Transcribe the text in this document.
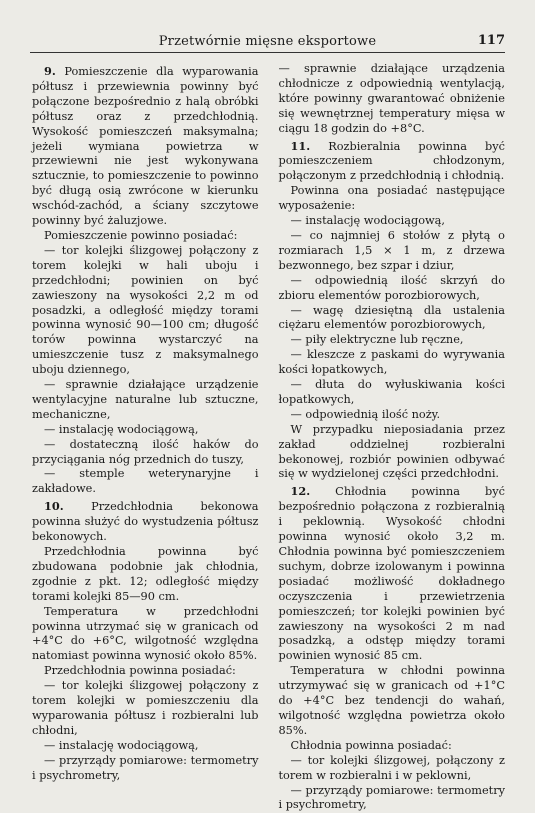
Przetwórnie mięsne eksportowe	117

9. Pomieszczenie dla wyparowania półtusz i przewiewnia powinny być połączone bezpośrednio z halą obróbki półtusz oraz z przedchłodnią. Wysokość pomieszczeń maksymalna; jeżeli wymiana powietrza w przewiewni nie jest wykonywana sztucznie, to pomieszczenie to powinno być długą osią zwrócone w kierunku wschód-zachód, a ściany szczytowe powinny być żaluzjowe.

Pomieszczenie powinno posiadać:

— tor kolejki ślizgowej połączony z torem kolejki w hali uboju i przedchłodni; powinien on być zawieszony na wysokości 2,2 m od posadzki, a odległość między torami powinna wynosić 90—100 cm; długość torów powinna wystarczyć na umieszczenie tusz z maksymalnego uboju dziennego,

— sprawnie działające urządzenie wentylacyjne naturalne lub sztuczne, mechaniczne,

— instalację wodociągową,

— dostateczną ilość haków do przyciągania nóg przednich do tuszy,

— stemple weterynaryjne i zakładowe.

10. Przedchłodnia bekonowa powinna służyć do wystudzenia półtusz bekonowych.

Przedchłodnia powinna być zbudowana podobnie jak chłodnia, zgodnie z pkt. 12; odległość między torami kolejki 85—90 cm.

Temperatura w przedchłodni powinna utrzymać się w granicach od +4°C do +6°C, wilgotność względna natomiast powinna wynosić około 85%.

Przedchłodnia powinna posiadać:

— tor kolejki ślizgowej połączony z torem kolejki w pomieszczeniu dla wyparowania półtusz i rozbieralni lub chłodni,

— instalację wodociągową,

— przyrządy pomiarowe: termometry i psychrometry,

— sprawnie działające urządzenia chłodnicze z odpowiednią wentylacją, które powinny gwarantować obniżenie się wewnętrznej temperatury mięsa w ciągu 18 godzin do +8°C.

11. Rozbieralnia powinna być pomieszczeniem chłodzonym, połączonym z przedchłodnią i chłodnią.

Powinna ona posiadać następujące wyposażenie:

— instalację wodociągową,

— co najmniej 6 stołów z płytą o rozmiarach 1,5 × 1 m, z drzewa bezwonnego, bez szpar i dziur,

— odpowiednią ilość skrzyń do zbioru elementów porozbiorowych,

— wagę dziesiętną dla ustalenia ciężaru elementów porozbiorowych,

— piły elektryczne lub ręczne,

— kleszcze z paskami do wyrywania kości łopatkowych,

— dłuta do wyłuskiwania kości łopatkowych,

— odpowiednią ilość noży.

W przypadku nieposiadania przez zakład oddzielnej rozbieralni bekonowej, rozbiór powinien odbywać się w wydzielonej części przedchłodni.

12. Chłodnia powinna być bezpośrednio połączona z rozbieralnią i peklownią. Wysokość chłodni powinna wynosić około 3,2 m. Chłodnia powinna być pomieszczeniem suchym, dobrze izolowanym i powinna posiadać możliwość dokładnego oczyszczenia i przewietrzenia pomieszczeń; tor kolejki powinien być zawieszony na wysokości 2 m nad posadzką, a odstęp między torami powinien wynosić 85 cm.

Temperatura w chłodni powinna utrzymywać się w granicach od +1°C do +4°C bez tendencji do wahań, wilgotność względna powietrza około 85%.

Chłodnia powinna posiadać:

— tor kolejki ślizgowej, połączony z torem w rozbieralni i w peklowni,

— przyrządy pomiarowe: termometry i psychrometry,
